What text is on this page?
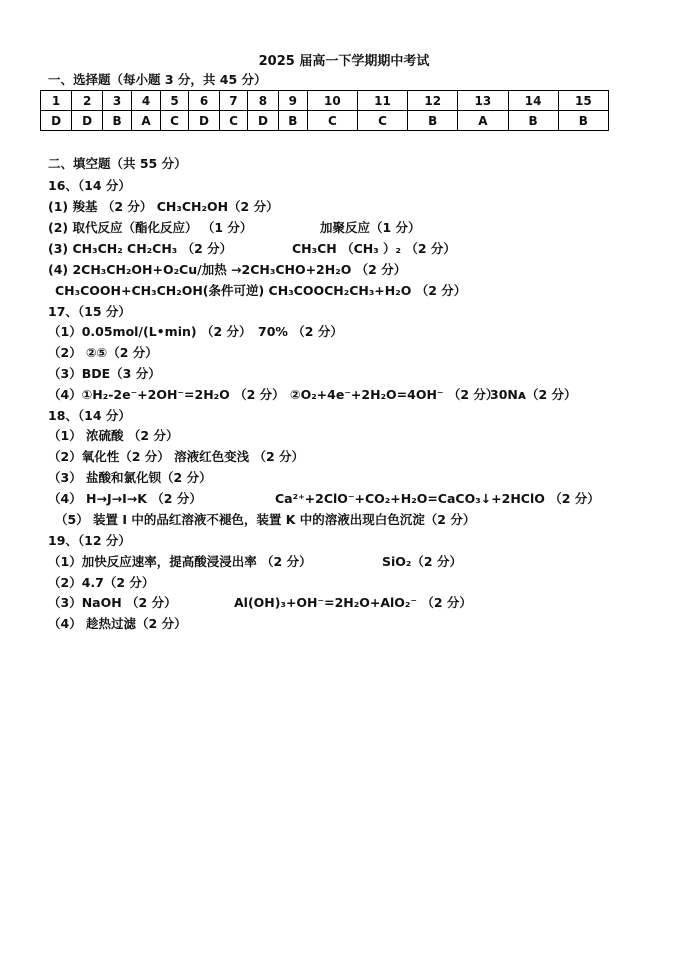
2025 届高一下学期期中考试
一、选择题（每小题 3 分，共 45 分）
1	2	3	4	5	6	7	8	9	10	11	12	13	14	15
D	D	B	A	C	D	C	D	B	C	C	B	A	B	B
二、填空题（共 55 分）
16、（14 分）
(1) 羧基 （2 分） CH₃CH₂OH（2 分）
(2) 取代反应（酯化反应） （1 分）	加聚反应（1 分）
(3) CH₃CH₂ CH₂CH₃ （2 分）	CH₃CH （CH₃ ）₂ （2 分）
(4) 2CH₃CH₂OH+O₂Cu/加热 →2CH₃CHO+2H₂O （2 分）
CH₃COOH+CH₃CH₂OH(条件可逆) CH₃COOCH₂CH₃+H₂O （2 分）
17、（15 分）
（1）0.05mol/(L•min) （2 分） 70% （2 分）
（2） ②⑤（2 分）
（3）BDE（3 分）
（4）①H₂-2e⁻+2OH⁻=2H₂O （2 分） ②O₂+4e⁻+2H₂O=4OH⁻ （2 分）
30Nᴀ（2 分）
18、（14 分）
（1） 浓硫酸 （2 分）
（2）氧化性（2 分） 溶液红色变浅 （2 分）
（3） 盐酸和氯化钡（2 分）
（4） H→J→I→K （2 分）	Ca²⁺+2ClO⁻+CO₂+H₂O=CaCO₃↓+2HClO （2 分）
（5） 装置 I 中的品红溶液不褪色，装置 K 中的溶液出现白色沉淀（2 分）
19、（12 分）
（1）加快反应速率，提高酸浸浸出率 （2 分）	SiO₂（2 分）
（2）4.7（2 分）
（3）NaOH （2 分）	Al(OH)₃+OH⁻=2H₂O+AlO₂⁻ （2 分）
（4） 趁热过滤（2 分）
